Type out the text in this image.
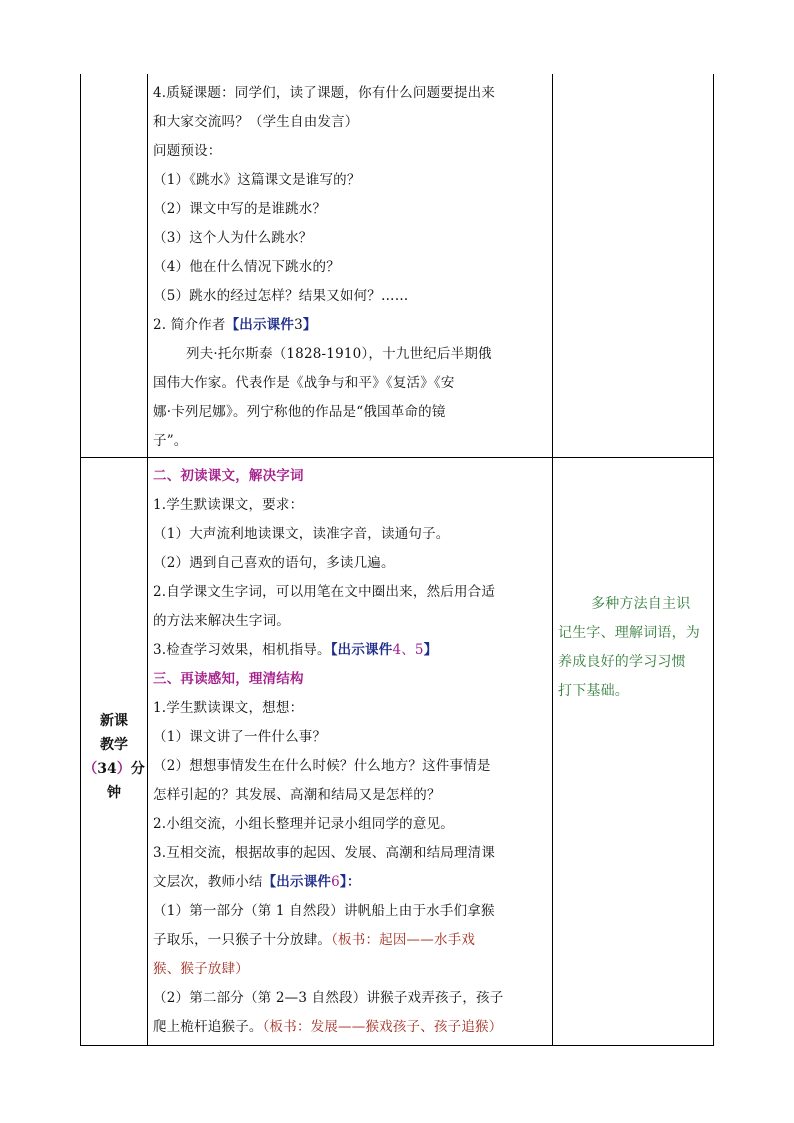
4.质疑课题：同学们，读了课题，你有什么问题要提出来
和大家交流吗？（学生自由发言）
问题预设：
（1）《跳水》这篇课文是谁写的？
（2）课文中写的是谁跳水？
（3）这个人为什么跳水？
（4）他在什么情况下跳水的？
（5）跳水的经过怎样？结果又如何？……
2. 简介作者【出示课件3】
列夫·托尔斯泰（1828-1910），十九世纪后半期俄
国伟大作家。代表作是《战争与和平》《复活》《安
娜·卡列尼娜》。列宁称他的作品是“俄国革命的镜
子”。
新课
教学
（34）分
钟
二、初读课文，解决字词
1.学生默读课文，要求：
（1）大声流利地读课文，读准字音，读通句子。
（2）遇到自己喜欢的语句，多读几遍。
2.自学课文生字词，可以用笔在文中圈出来，然后用合适
的方法来解决生字词。
3.检查学习效果，相机指导。【出示课件4、5】
三、再读感知，理清结构
1.学生默读课文，想想：
（1）课文讲了一件什么事？
（2）想想事情发生在什么时候？什么地方？这件事情是
怎样引起的？其发展、高潮和结局又是怎样的？
2.小组交流，小组长整理并记录小组同学的意见。
3.互相交流，根据故事的起因、发展、高潮和结局理清课
文层次，教师小结【出示课件6】：
（1）第一部分（第 1 自然段）讲帆船上由于水手们拿猴
子取乐，一只猴子十分放肆。（板书：起因——水手戏
猴、猴子放肆）
（2）第二部分（第 2—3 自然段）讲猴子戏弄孩子，孩子
爬上桅杆追猴子。（板书：发展——猴戏孩子、孩子追猴）
多种方法自主识
记生字、理解词语，为
养成良好的学习习惯
打下基础。
